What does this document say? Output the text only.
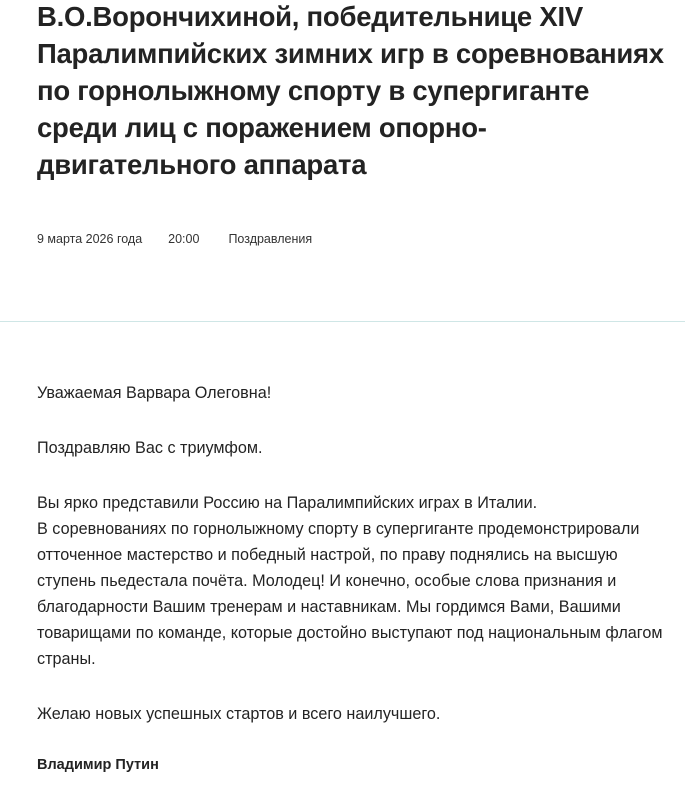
В.О.Ворончихиной, победительнице XIV Паралимпийских зимних игр в соревнованиях по горнолыжному спорту в супергиганте среди лиц с поражением опорно-двигательного аппарата
9 марта 2026 года 20:00 Поздравления

Уважаемая Варвара Олеговна!

Поздравляю Вас с триумфом.

Вы ярко представили Россию на Паралимпийских играх в Италии.
В соревнованиях по горнолыжному спорту в супергиганте продемонстрировали отточенное мастерство и победный настрой, по праву поднялись на высшую ступень пьедестала почёта. Молодец! И конечно, особые слова признания и благодарности Вашим тренерам и наставникам. Мы гордимся Вами, Вашими товарищами по команде, которые достойно выступают под национальным флагом страны.

Желаю новых успешных стартов и всего наилучшего.

Владимир Путин
